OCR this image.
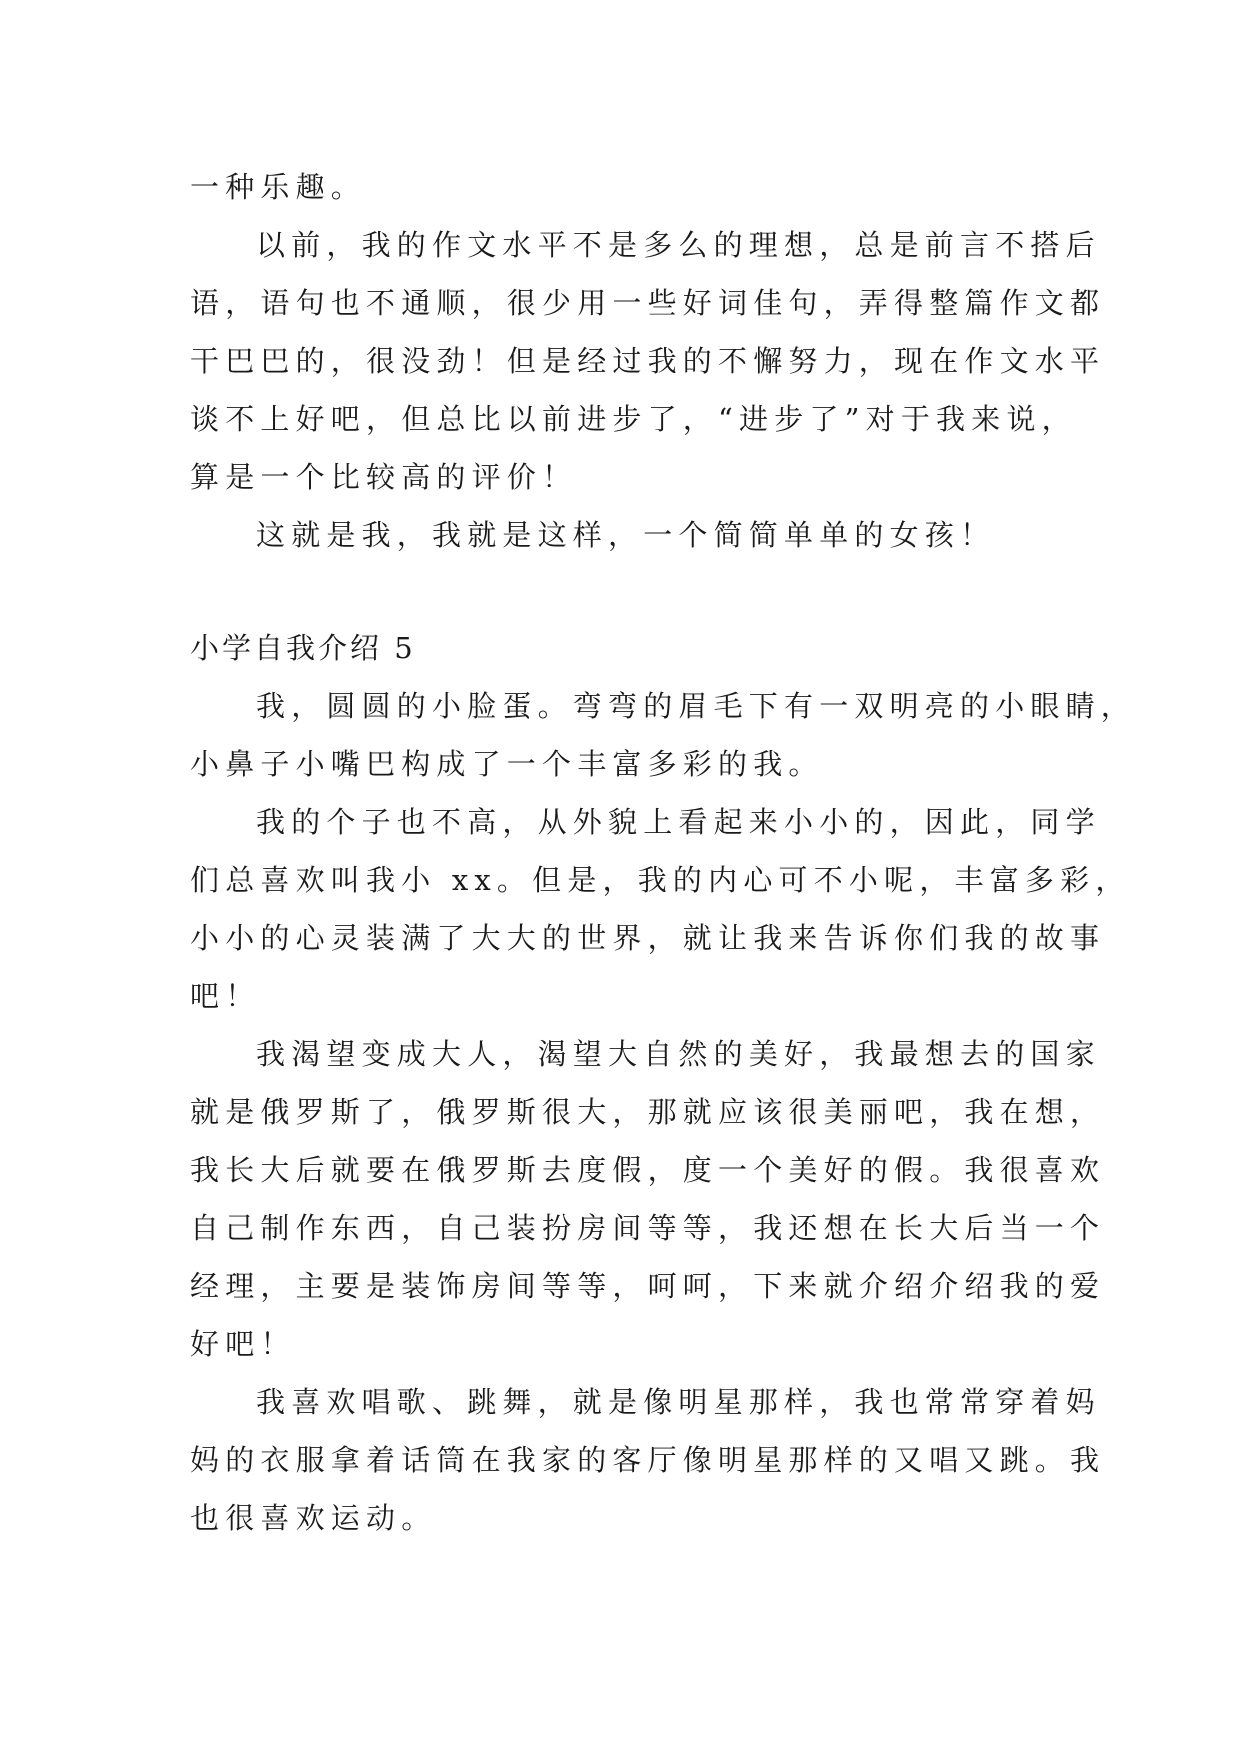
一种乐趣。
以前，我的作文水平不是多么的理想，总是前言不搭后
语，语句也不通顺，很少用一些好词佳句，弄得整篇作文都
干巴巴的，很没劲！但是经过我的不懈努力，现在作文水平
谈不上好吧，但总比以前进步了，“进步了”对于我来说，
算是一个比较高的评价！
这就是我，我就是这样，一个简简单单的女孩！
小学自我介绍 5
我，圆圆的小脸蛋。弯弯的眉毛下有一双明亮的小眼睛，
小鼻子小嘴巴构成了一个丰富多彩的我。
我的个子也不高，从外貌上看起来小小的，因此，同学
们总喜欢叫我小 xx。但是，我的内心可不小呢，丰富多彩，
小小的心灵装满了大大的世界，就让我来告诉你们我的故事
吧！
我渴望变成大人，渴望大自然的美好，我最想去的国家
就是俄罗斯了，俄罗斯很大，那就应该很美丽吧，我在想，
我长大后就要在俄罗斯去度假，度一个美好的假。我很喜欢
自己制作东西，自己装扮房间等等，我还想在长大后当一个
经理，主要是装饰房间等等，呵呵，下来就介绍介绍我的爱
好吧！
我喜欢唱歌、跳舞，就是像明星那样，我也常常穿着妈
妈的衣服拿着话筒在我家的客厅像明星那样的又唱又跳。我
也很喜欢运动。
